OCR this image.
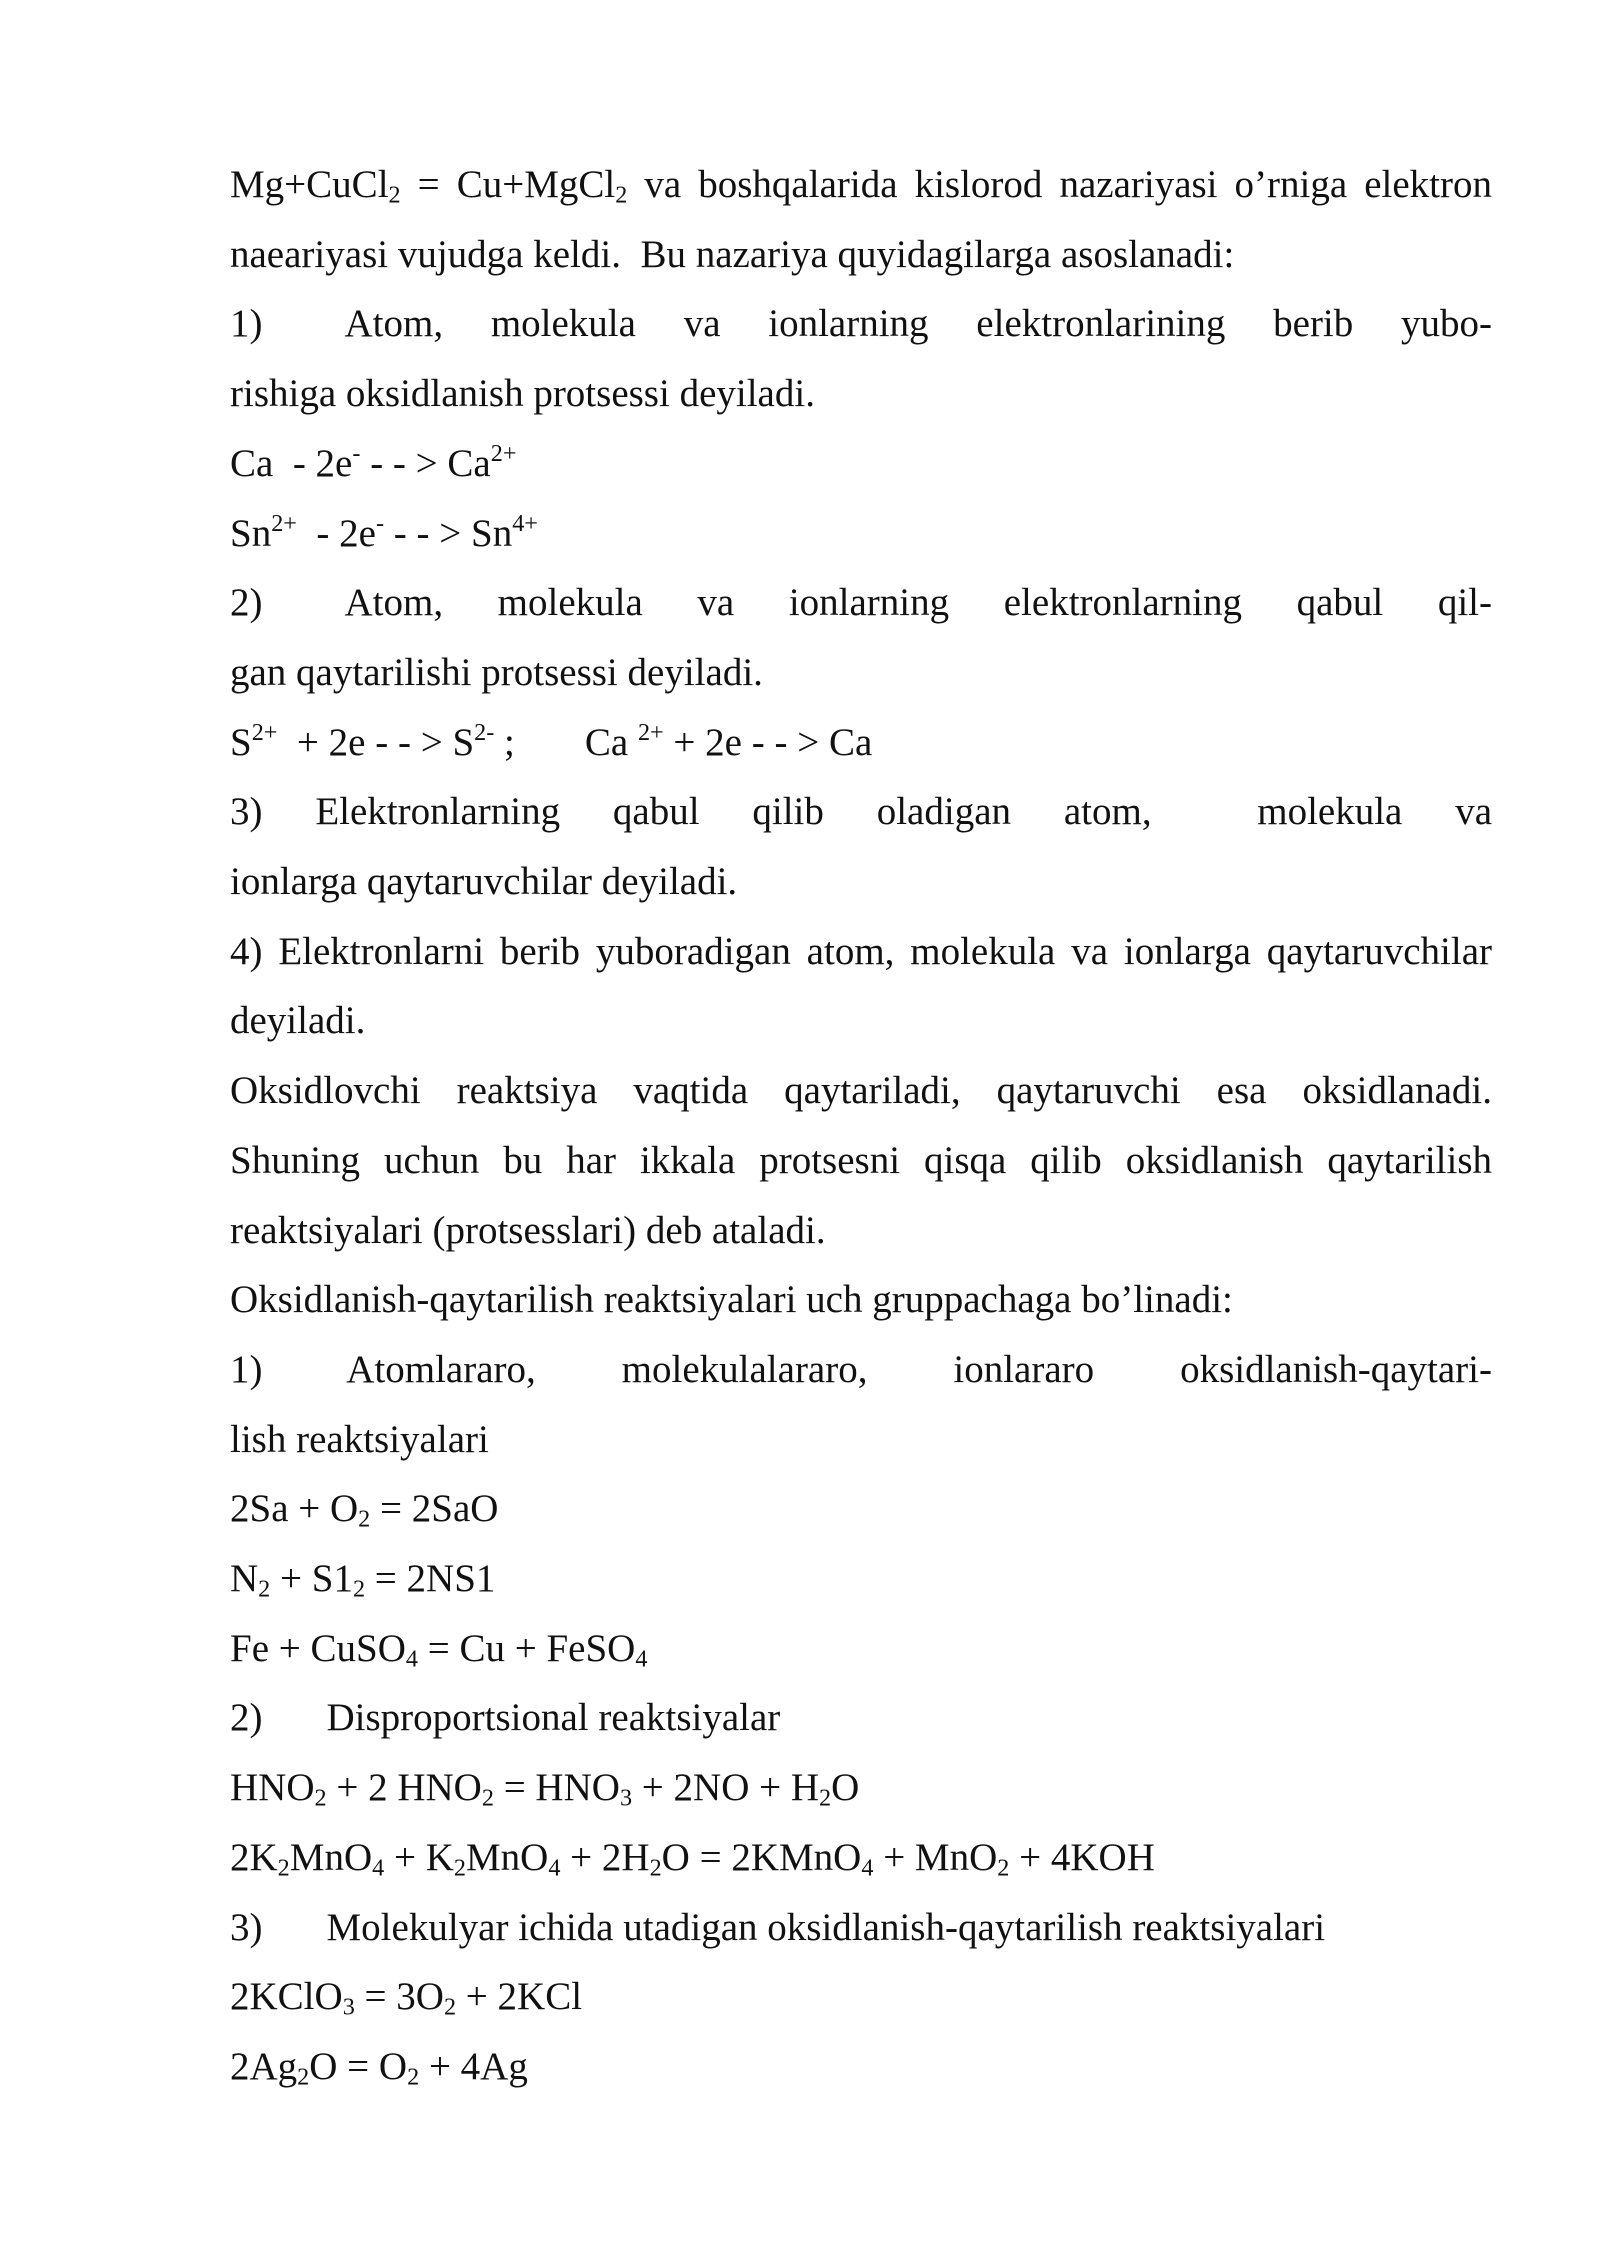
Mg+CuCl$_2$ = Cu+MgCl$_2$ va boshqalarida kislorod nazariyasi o’rniga elektron

naeariyasi vujudga keldi.  Bu nazariya quyidagilarga asoslanadi:

1) Atom, molekula va ionlarning elektronlarining berib yubo-

rishiga oksidlanish protsessi deyiladi.

Ca  - 2e- - - > $Ca^{2+}$

$Sn^{2+} - 2e^-$ - - > $Sn^{4+}$

2) Atom, molekula va ionlarning elektronlarning qabul qil-

gan qaytarilishi protsessi deyiladi.

$S^{2+} + 2e$ - - > $S^{2-}$ ; Ca $^{2+}$ + 2e - - > Ca

3) Elektronlarning qabul qilib oladigan atom,  molekula va

ionlarga qaytaruvchilar deyiladi.

4) Elektronlarni berib yuboradigan atom, molekula va ionlarga qaytaruvchilar

deyiladi.

Oksidlovchi reaktsiya vaqtida qaytariladi, qaytaruvchi esa oksidlanadi.

Shuning uchun bu har ikkala protsesni qisqa qilib oksidlanish qaytarilish

reaktsiyalari (protsesslari) deb ataladi.

Oksidlanish-qaytarilish reaktsiyalari uch gruppachaga bo’linadi:

1) Atomlararo, molekulalararo, ionlararo oksidlanish-qaytari-

lish reaktsiyalari

$2Sa + O_2 = 2SaO$

$N_2 + S1_2 = 2NS1$

Fe + CuSO$_4$ = Cu + FeSO$_4$

2) Disproportsional reaktsiyalar

$HNO_2 + 2$ $HNO_2 = HNO_3 + 2NO + H_2O$

$2K_2MnO_4 + K_2MnO_4 + 2H_2O$ = 2KMnO$_4$ + MnO$_2$ + 4KOH

3) Molekulyar ichida utadigan oksidlanish-qaytarilish reaktsiyalari

2KClO$_3$ = $3O_2 + 2KCl$

$2Ag_2O = O_2 + 4Ag$
